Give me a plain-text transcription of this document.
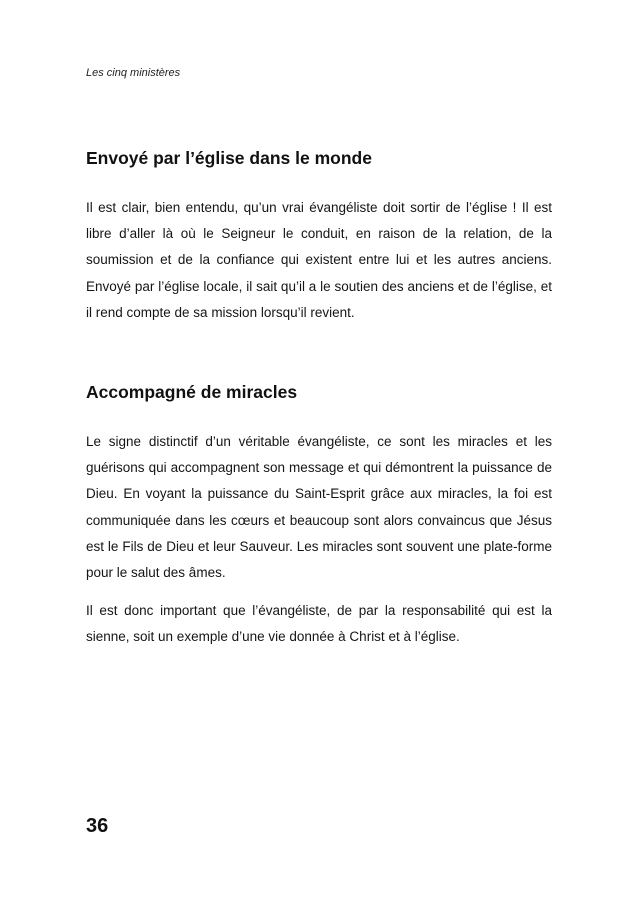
Les cinq ministères

Envoyé par l’église dans le monde

Il est clair, bien entendu, qu’un vrai évangéliste doit sortir de l’église ! Il est libre d’aller là où le Seigneur le conduit, en raison de la relation, de la soumission et de la confiance qui existent entre lui et les autres anciens. Envoyé par l’église locale, il sait qu’il a le soutien des anciens et de l’église, et il rend compte de sa mission lorsqu’il revient.

Accompagné de miracles

Le signe distinctif d’un véritable évangéliste, ce sont les miracles et les guérisons qui accompagnent son message et qui démontrent la puissance de Dieu. En voyant la puissance du Saint-Esprit grâce aux miracles, la foi est communiquée dans les cœurs et beaucoup sont alors convaincus que Jésus est le Fils de Dieu et leur Sauveur. Les miracles sont souvent une plate-forme pour le salut des âmes.

Il est donc important que l’évangéliste, de par la responsabilité qui est la sienne, soit un exemple d’une vie donnée à Christ et à l’église.

36
